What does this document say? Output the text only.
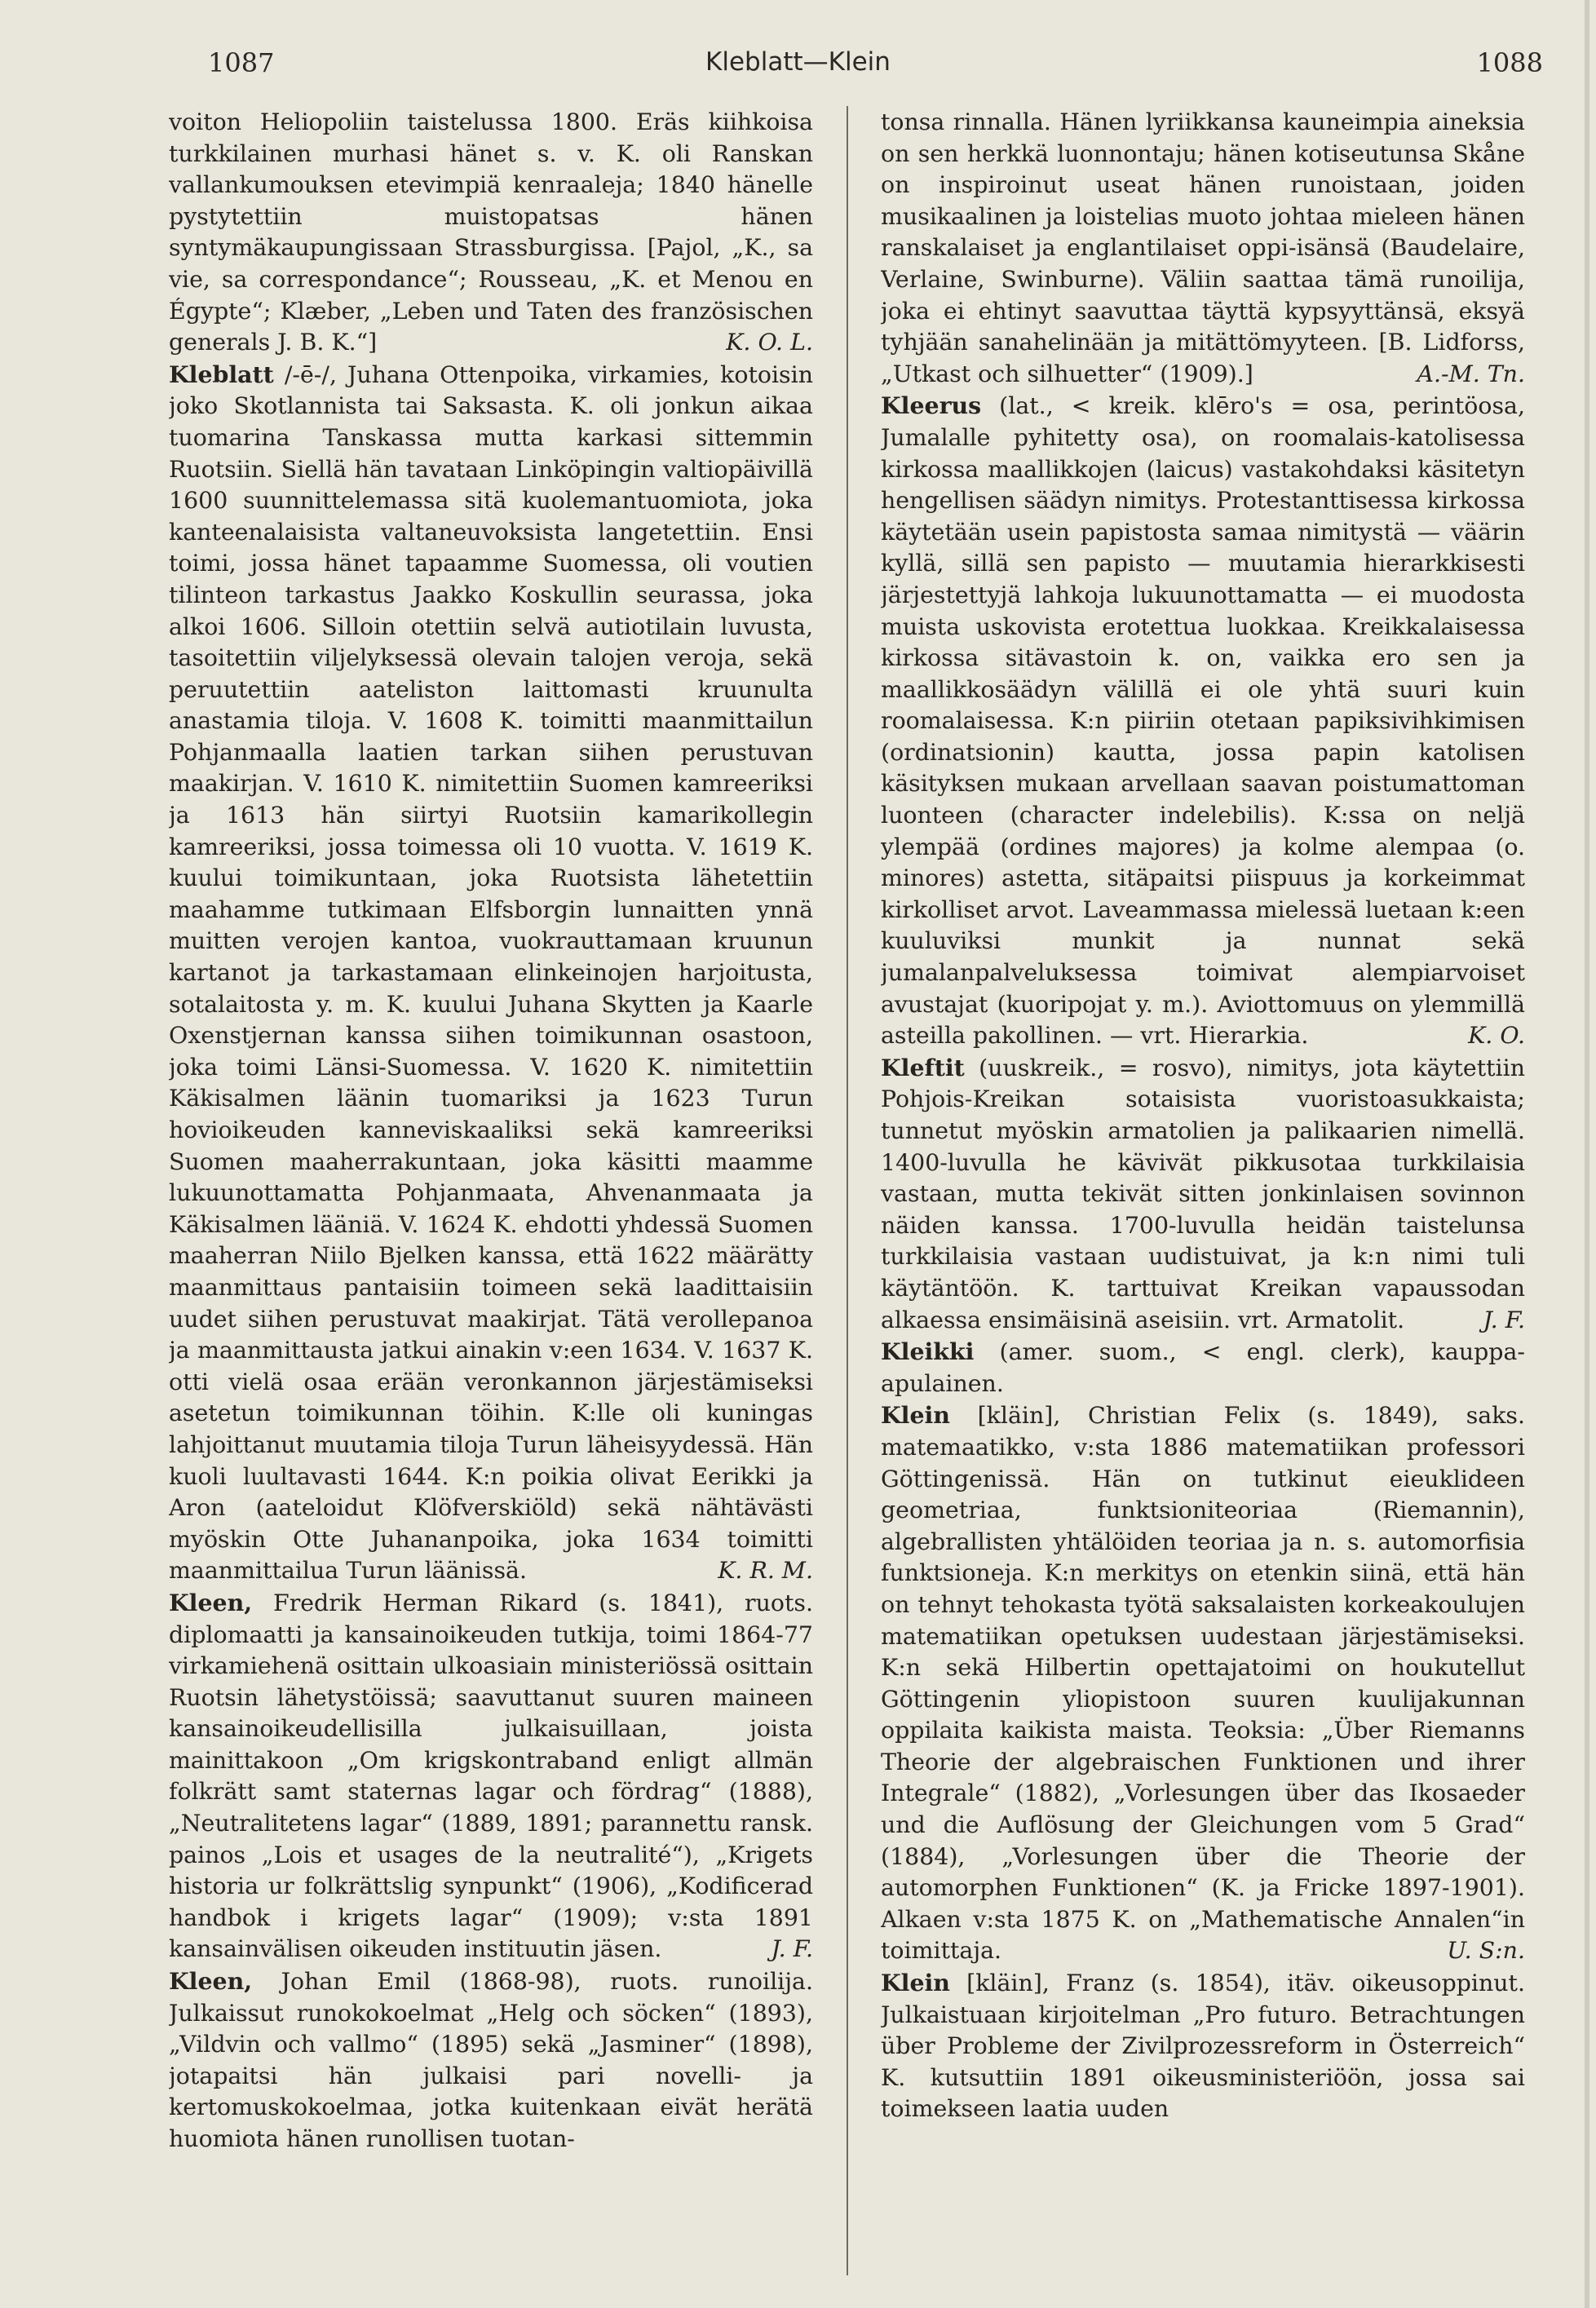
Kleblatt—Klein
1087	1088

voiton Heliopoliin taistelussa 1800. Eräs kiihkoisa turkkilainen murhasi hänet s. v. K. oli Ranskan vallankumouksen etevimpiä kenraaleja; 1840 hänelle pystytettiin muistopatsas hänen syntymäkaupungissaan Strassburgissa. [Pajol, „K., sa vie, sa correspondance“; Rousseau, „K. et Menou en Égypte“; Klæber, „Leben und Taten des französischen generals J. B. K.“]	K. O. L.

Kleblatt /-ē-/, Juhana Ottenpoika, virkamies, kotoisin joko Skotlannista tai Saksasta. K. oli jonkun aikaa tuomarina Tanskassa mutta karkasi sittemmin Ruotsiin. Siellä hän tavataan Linköpingin valtiopäivillä 1600 suunnittelemassa sitä kuolemantuomiota, joka kanteenalaisista valtaneuvoksista langetettiin. Ensi toimi, jossa hänet tapaamme Suomessa, oli voutien tilinteon tarkastus Jaakko Koskullin seurassa, joka alkoi 1606. Silloin otettiin selvä autiotilain luvusta, tasoitettiin viljelyksessä olevain talojen veroja, sekä peruutettiin aateliston laittomasti kruunulta anastamia tiloja. V. 1608 K. toimitti maanmittailun Pohjanmaalla laatien tarkan siihen perustuvan maakirjan. V. 1610 K. nimitettiin Suomen kamreeriksi ja 1613 hän siirtyi Ruotsiin kamarikollegin kamreeriksi, jossa toimessa oli 10 vuotta. V. 1619 K. kuului toimikuntaan, joka Ruotsista lähetettiin maahamme tutkimaan Elfsborgin lunnaitten ynnä muitten verojen kantoa, vuokrauttamaan kruunun kartanot ja tarkastamaan elinkeinojen harjoitusta, sotalaitosta y. m. K. kuului Juhana Skytten ja Kaarle Oxenstjernan kanssa siihen toimikunnan osastoon, joka toimi Länsi-Suomessa. V. 1620 K. nimitettiin Käkisalmen läänin tuomariksi ja 1623 Turun hovioikeuden kanneviskaaliksi sekä kamreeriksi Suomen maaherrakuntaan, joka käsitti maamme lukuunottamatta Pohjanmaata, Ahvenanmaata ja Käkisalmen lääniä. V. 1624 K. ehdotti yhdessä Suomen maaherran Niilo Bjelken kanssa, että 1622 määrätty maanmittaus pantaisiin toimeen sekä laadittaisiin uudet siihen perustuvat maakirjat. Tätä verollepanoa ja maanmittausta jatkui ainakin v:een 1634. V. 1637 K. otti vielä osaa erään veronkannon järjestämiseksi asetetun toimikunnan töihin. K:lle oli kuningas lahjoittanut muutamia tiloja Turun läheisyydessä. Hän kuoli luultavasti 1644. K:n poikia olivat Eerikki ja Aron (aateloidut Klöfverskiöld) sekä nähtävästi myöskin Otte Juhananpoika, joka 1634 toimitti maanmittailua Turun läänissä.	K. R. M.

Kleen, Fredrik Herman Rikard (s. 1841), ruots. diplomaatti ja kansainoikeuden tutkija, toimi 1864-77 virkamiehenä osittain ulkoasiain ministeriössä osittain Ruotsin lähetystöissä; saavuttanut suuren maineen kansainoikeudellisilla julkaisuillaan, joista mainittakoon „Om krigskontraband enligt allmän folkrätt samt staternas lagar och fördrag“ (1888), „Neutralitetens lagar“ (1889, 1891; parannettu ransk. painos „Lois et usages de la neutralité“), „Krigets historia ur folkrättslig synpunkt“ (1906), „Kodificerad handbok i krigets lagar“ (1909); v:sta 1891 kansainvälisen oikeuden instituutin jäsen.	J. F.

Kleen, Johan Emil (1868-98), ruots. runoilija. Julkaissut runokokoelmat „Helg och söcken“ (1893), „Vildvin och vallmo“ (1895) sekä „Jasminer“ (1898), jotapaitsi hän julkaisi pari novelli- ja kertomuskokoelmaa, jotka kuitenkaan eivät herätä huomiota hänen runollisen tuotan-

tonsa rinnalla. Hänen lyriikkansa kauneimpia aineksia on sen herkkä luonnontaju; hänen kotiseutunsa Skåne on inspiroinut useat hänen runoistaan, joiden musikaalinen ja loistelias muoto johtaa mieleen hänen ranskalaiset ja englantilaiset oppi-isänsä (Baudelaire, Verlaine, Swinburne). Väliin saattaa tämä runoilija, joka ei ehtinyt saavuttaa täyttä kypsyyttänsä, eksyä tyhjään sanahelinään ja mitättömyyteen. [B. Lidforss, „Utkast och silhuetter“ (1909).]	A.-M. Tn.

Kleerus (lat., < kreik. klēro's = osa, perintöosa, Jumalalle pyhitetty osa), on roomalais-katolisessa kirkossa maallikkojen (laicus) vastakohdaksi käsitetyn hengellisen säädyn nimitys. Protestanttisessa kirkossa käytetään usein papistosta samaa nimitystä — väärin kyllä, sillä sen papisto — muutamia hierarkkisesti järjestettyjä lahkoja lukuunottamatta — ei muodosta muista uskovista erotettua luokkaa. Kreikkalaisessa kirkossa sitävastoin k. on, vaikka ero sen ja maallikkosäädyn välillä ei ole yhtä suuri kuin roomalaisessa. K:n piiriin otetaan papiksivihkimisen (ordinatsionin) kautta, jossa papin katolisen käsityksen mukaan arvellaan saavan poistumattoman luonteen (character indelebilis). K:ssa on neljä ylempää (ordines majores) ja kolme alempaa (o. minores) astetta, sitäpaitsi piispuus ja korkeimmat kirkolliset arvot. Laveammassa mielessä luetaan k:een kuuluviksi munkit ja nunnat sekä jumalanpalveluksessa toimivat alempiarvoiset avustajat (kuoripojat y. m.). Aviottomuus on ylemmillä asteilla pakollinen. — vrt. Hierarkia.	K. O.

Kleftit (uuskreik., = rosvo), nimitys, jota käytettiin Pohjois-Kreikan sotaisista vuoristoasukkaista; tunnetut myöskin armatolien ja palikaarien nimellä. 1400-luvulla he kävivät pikkusotaa turkkilaisia vastaan, mutta tekivät sitten jonkinlaisen sovinnon näiden kanssa. 1700-luvulla heidän taistelunsa turkkilaisia vastaan uudistuivat, ja k:n nimi tuli käytäntöön. K. tarttuivat Kreikan vapaussodan alkaessa ensimäisinä aseisiin. vrt. Armatolit.	J. F.

Kleikki (amer. suom., < engl. clerk), kauppa-apulainen.

Klein [kläin], Christian Felix (s. 1849), saks. matemaatikko, v:sta 1886 matematiikan professori Göttingenissä. Hän on tutkinut eieuklideen geometriaa, funktsioniteoriaa (Riemannin), algebrallisten yhtälöiden teoriaa ja n. s. automorfisia funktsioneja. K:n merkitys on etenkin siinä, että hän on tehnyt tehokasta työtä saksalaisten korkeakoulujen matematiikan opetuksen uudestaan järjestämiseksi. K:n sekä Hilbertin opettajatoimi on houkutellut Göttingenin yliopistoon suuren kuulijakunnan oppilaita kaikista maista. Teoksia: „Über Riemanns Theorie der algebraischen Funktionen und ihrer Integrale“ (1882), „Vorlesungen über das Ikosaeder und die Auflösung der Gleichungen vom 5 Grad“ (1884), „Vorlesungen über die Theorie der automorphen Funktionen“ (K. ja Fricke 1897-1901). Alkaen v:sta 1875 K. on „Mathematische Annalen“in toimittaja.	U. S:n.

Klein [kläin], Franz (s. 1854), itäv. oikeusoppinut. Julkaistuaan kirjoitelman „Pro futuro. Betrachtungen über Probleme der Zivilprozessreform in Österreich“ K. kutsuttiin 1891 oikeusministeriöön, jossa sai toimekseen laatia uuden
